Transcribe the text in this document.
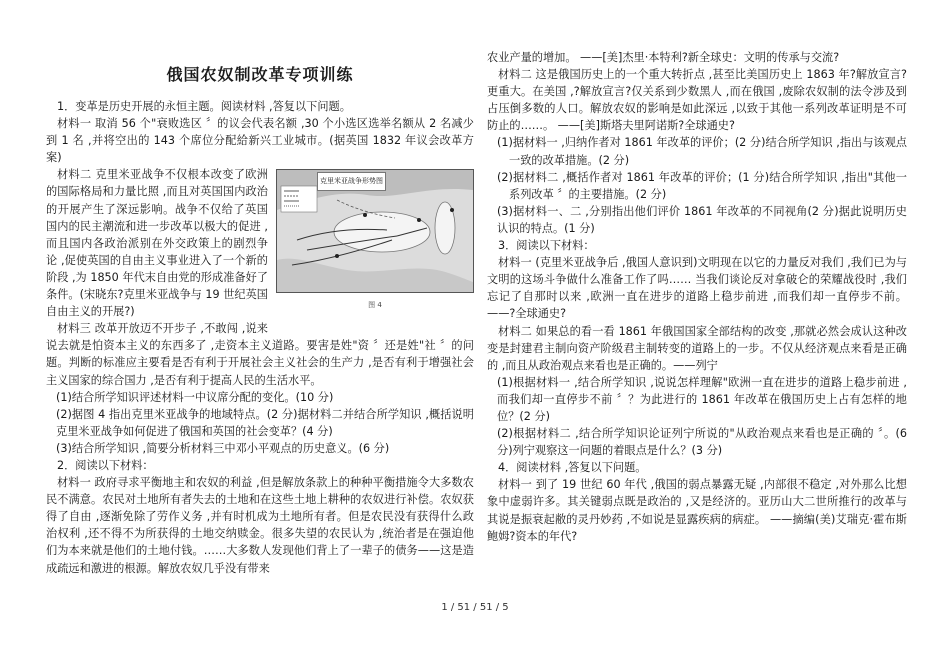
俄国农奴制改革专项训练

1．变革是历史开展的永恒主题。阅读材料 ,答复以下问题。

材料一 取消 56 个"衰败选区 〞的议会代表名额 ,30 个小选区选举名额从 2 名减少到 1 名 ,并将空出的 143 个席位分配給新兴工业城市。(据英国 1832 年议会改革方案)

克里米亚战争形势图
图 4

材料二 克里米亚战争不仅根本改变了欧洲的国际格局和力量比照 ,而且对英国国内政治的开展产生了深远影响。战争不仅给了英国国内的民主潮流和进一步改革以极大的促进 ,而且国内各政治派别在外交政策上的剧烈争论 ,促使英国的自由主义事业进入了一个新的阶段 ,为 1850 年代末自由党的形成准备好了条件。(宋晓东?克里米亚战争与 19 世纪英国自由主义的开展?)

材料三 改革开放迈不开步子 ,不敢闯 ,说来说去就是怕资本主义的东西多了 ,走资本主义道路。要害是姓"资 〞还是姓"社 〞的问题。判断的标准应主要看是否有利于开展社会主义社会的生产力 ,是否有利于增强社会主义国家的综合国力 ,是否有利于提高人民的生活水平。

(1)结合所学知识评述材料一中议席分配的变化。(10 分)

(2)据图 4 指出克里米亚战争的地域特点。(2 分)据材料二并结合所学知识 ,概括说明克里米亚战争如何促进了俄国和英国的社会变革？(4 分)

(3)结合所学知识 ,简要分析材料三中邓小平观点的历史意义。(6 分)

2．阅读以下材料：

材料一 政府寻求平衡地主和农奴的利益 ,但是解放条款上的种种平衡措施令大多数农民不满意。农民对土地所有者失去的土地和在这些土地上耕种的农奴进行补偿。农奴获得了自由 ,逐渐免除了劳作义务 ,并有时机成为土地所有者。但是农民没有获得什么政治权利 ,还不得不为所获得的土地交纳赎金。很多失望的农民认为 ,统治者是在强迫他们为本来就是他们的土地付钱。……大多数人发现他们背上了一辈子的债务——这是造成疏远和激进的根源。解放农奴几乎没有带来

农业产量的增加。 ——[美]杰里·本特利?新全球史：文明的传承与交流?

材料二 这是俄国历史上的一个重大转折点 ,甚至比美国历史上 1863 年?解放宣言?更重大。在美国 ,?解放宣言?仅关系到少数黑人 ,而在俄国 ,废除农奴制的法令涉及到占压倒多数的人口。解放农奴的影响是如此深远 ,以致于其他一系列改革证明是不可防止的……。 ——[美]斯塔夫里阿诺斯?全球通史?

(1)据材料一 ,归纳作者对 1861 年改革的评价；(2 分)结合所学知识 ,指出与该观点一致的改革措施。(2 分)

(2)据材料二 ,概括作者对 1861 年改革的评价；(1 分)结合所学知识 ,指出"其他一系列改革 〞的主要措施。(2 分)

(3)据材料一、二 ,分别指出他们评价 1861 年改革的不同视角(2 分)据此说明历史认识的特点。(1 分)

3．阅读以下材料：

材料一 (克里米亚战争后 ,俄国人意识到)文明现在以它的力量反对我们 ,我们已为与文明的这场斗争做什么准备工作了吗…… 当我们谈论反对拿破仑的荣耀战役时 ,我们忘记了自那时以来 ,欧洲一直在进步的道路上稳步前进 ,而我们却一直停步不前。 ——?全球通史?

材料二 如果总的看一看 1861 年俄国国家全部结构的改变 ,那就必然会成认这种改变是封建君主制向资产阶级君主制转变的道路上的一步。不仅从经济观点来看是正确的 ,而且从政治观点来看也是正确的。——列宁

(1)根据材料一 ,结合所学知识 ,说说怎样理解"欧洲一直在进步的道路上稳步前进 ,而我们却一直停步不前 〞？为此进行的 1861 年改革在俄国历史上占有怎样的地位？(2 分)

(2)根据材料二 ,结合所学知识论证列宁所说的"从政治观点来看也是正确的 〞。(6 分)列宁观察这一问题的着眼点是什么？(3 分)

4．阅读材料 ,答复以下问题。

材料一 到了 19 世纪 60 年代 ,俄国的弱点暴露无疑 ,内部很不稳定 ,对外那么比想象中虚弱许多。其关键弱点既是政治的 ,又是经济的。亚历山大二世所推行的改革与其说是振衰起敝的灵丹妙药 ,不如说是显露疾病的病症。 ——摘编(美)艾瑞克·霍布斯鲍姆?资本的年代?

1 / 51 / 51 / 5
